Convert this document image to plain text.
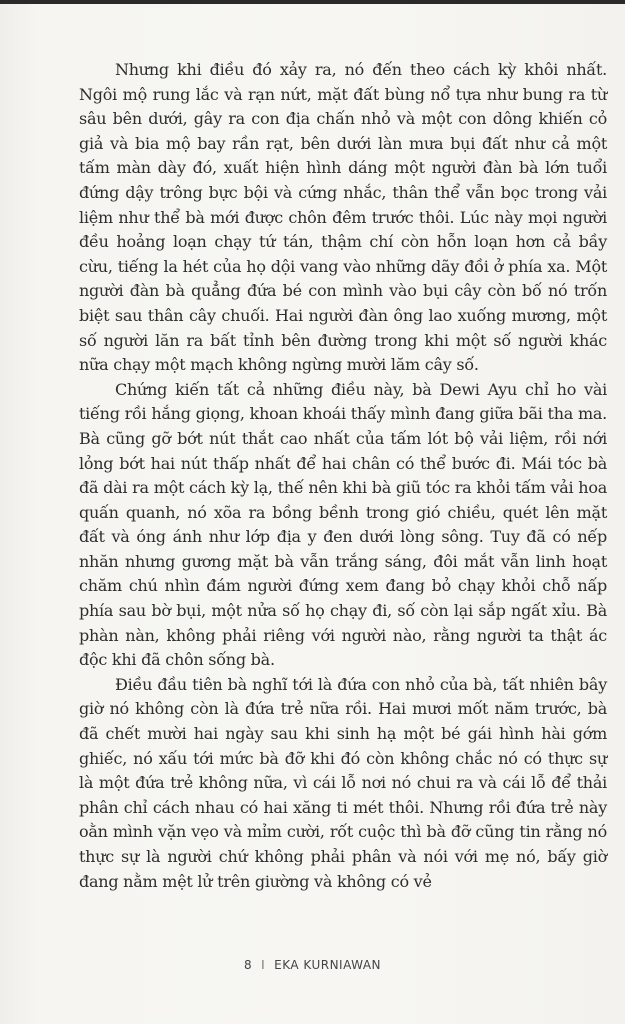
Nhưng khi điều đó xảy ra, nó đến theo cách kỳ khôi nhất. Ngôi mộ rung lắc và rạn nứt, mặt đất bùng nổ tựa như bung ra từ sâu bên dưới, gây ra con địa chấn nhỏ và một con dông khiến cỏ giả và bia mộ bay rần rạt, bên dưới làn mưa bụi đất như cả một tấm màn dày đó, xuất hiện hình dáng một người đàn bà lớn tuổi đứng dậy trông bực bội và cứng nhắc, thân thể vẫn bọc trong vải liệm như thể bà mới được chôn đêm trước thôi. Lúc này mọi người đều hoảng loạn chạy tứ tán, thậm chí còn hỗn loạn hơn cả bầy cừu, tiếng la hét của họ dội vang vào những dãy đồi ở phía xa. Một người đàn bà quẳng đứa bé con mình vào bụi cây còn bố nó trốn biệt sau thân cây chuối. Hai người đàn ông lao xuống mương, một số người lăn ra bất tỉnh bên đường trong khi một số người khác nữa chạy một mạch không ngừng mười lăm cây số.

Chứng kiến tất cả những điều này, bà Dewi Ayu chỉ ho vài tiếng rồi hắng giọng, khoan khoái thấy mình đang giữa bãi tha ma. Bà cũng gỡ bớt nút thắt cao nhất của tấm lót bộ vải liệm, rồi nới lỏng bớt hai nút thấp nhất để hai chân có thể bước đi. Mái tóc bà đã dài ra một cách kỳ lạ, thế nên khi bà giũ tóc ra khỏi tấm vải hoa quấn quanh, nó xõa ra bồng bềnh trong gió chiều, quét lên mặt đất và óng ánh như lớp địa y đen dưới lòng sông. Tuy đã có nếp nhăn nhưng gương mặt bà vẫn trắng sáng, đôi mắt vẫn linh hoạt chăm chú nhìn đám người đứng xem đang bỏ chạy khỏi chỗ nấp phía sau bờ bụi, một nửa số họ chạy đi, số còn lại sắp ngất xỉu. Bà phàn nàn, không phải riêng với người nào, rằng người ta thật ác độc khi đã chôn sống bà.

Điều đầu tiên bà nghĩ tới là đứa con nhỏ của bà, tất nhiên bây giờ nó không còn là đứa trẻ nữa rồi. Hai mươi mốt năm trước, bà đã chết mười hai ngày sau khi sinh hạ một bé gái hình hài gớm ghiếc, nó xấu tới mức bà đỡ khi đó còn không chắc nó có thực sự là một đứa trẻ không nữa, vì cái lỗ nơi nó chui ra và cái lỗ để thải phân chỉ cách nhau có hai xăng ti mét thôi. Nhưng rồi đứa trẻ này oằn mình vặn vẹo và mỉm cười, rốt cuộc thì bà đỡ cũng tin rằng nó thực sự là người chứ không phải phân và nói với mẹ nó, bấy giờ đang nằm mệt lử trên giường và không có vẻ

8 I EKA KURNIAWAN
